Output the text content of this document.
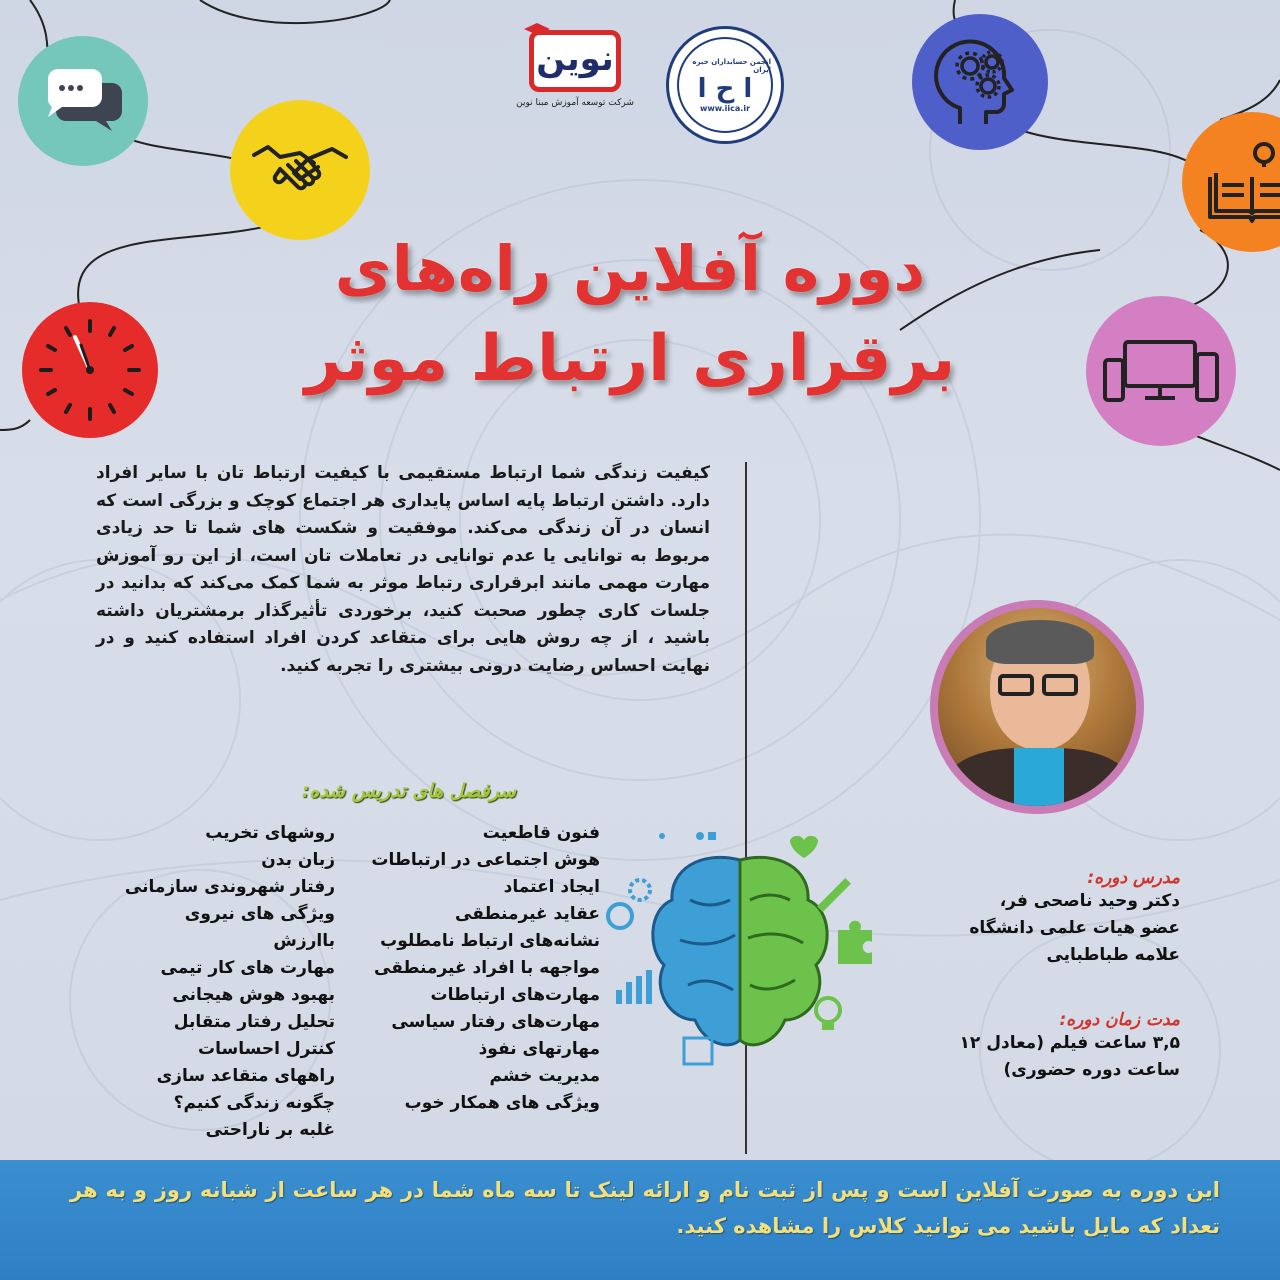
نوین
شرکت توسعه آموزش مبنا نوین
انجمن حسابداران خبره ایران
ا ح ا
www.iica.ir
دوره آفلاین راه‌های
برقراری ارتباط موثر

کیفیت زندگی شما ارتباط مستقیمی با کیفیت ارتباط تان با سایر افراد دارد. داشتن ارتباط پایه اساس پایداری هر اجتماع کوچک و بزرگی است که انسان در آن زندگی می‌کند. موفقیت و شکست های شما تا حد زیادی مربوط به توانایی یا عدم توانایی در تعاملات تان است، از این رو آموزش مهارت مهمی مانند ابرقراری رتباط موثر به شما کمک می‌کند که بدانید در جلسات کاری چطور صحبت کنید، برخوردی تأثیرگذار برمشتریان داشته باشید ، از چه روش هایی برای متقاعد کردن افراد استفاده کنید و در نهایت احساس رضایت درونی بیشتری را تجربه کنید.

سرفصل های تدریس شده:
فنون قاطعیت
هوش اجتماعی در ارتباطات
ایجاد اعتماد
عقاید غیرمنطقی
نشانه‌های ارتباط نامطلوب
مواجهه با افراد غیرمنطقی
مهارت‌های ارتباطات
مهارت‌های رفتار سیاسی
مهارتهای نفوذ
مدیریت خشم
ویژگی های همکار خوب
روشهای تخریب
زبان بدن
رفتار شهروندی سازمانی
ویژگی های نیروی باارزش
مهارت های کار تیمی
بهبود هوش هیجانی
تحلیل رفتار متقابل
کنترل احساسات
راههای متقاعد سازی
چگونه زندگی کنیم؟
غلبه بر ناراحتی
مدرس دوره:
دکتر وحید ناصحی فر،
عضو هیات علمی دانشگاه
علامه طباطبایی
مدت زمان دوره:
۳,۵ ساعت فیلم (معادل ۱۲
ساعت دوره حضوری)

این دوره به صورت آفلاین است و پس از ثبت نام و ارائه لینک تا سه ماه شما در هر ساعت از شبانه روز و به هر تعداد که مایل باشید می توانید کلاس را مشاهده کنید.
